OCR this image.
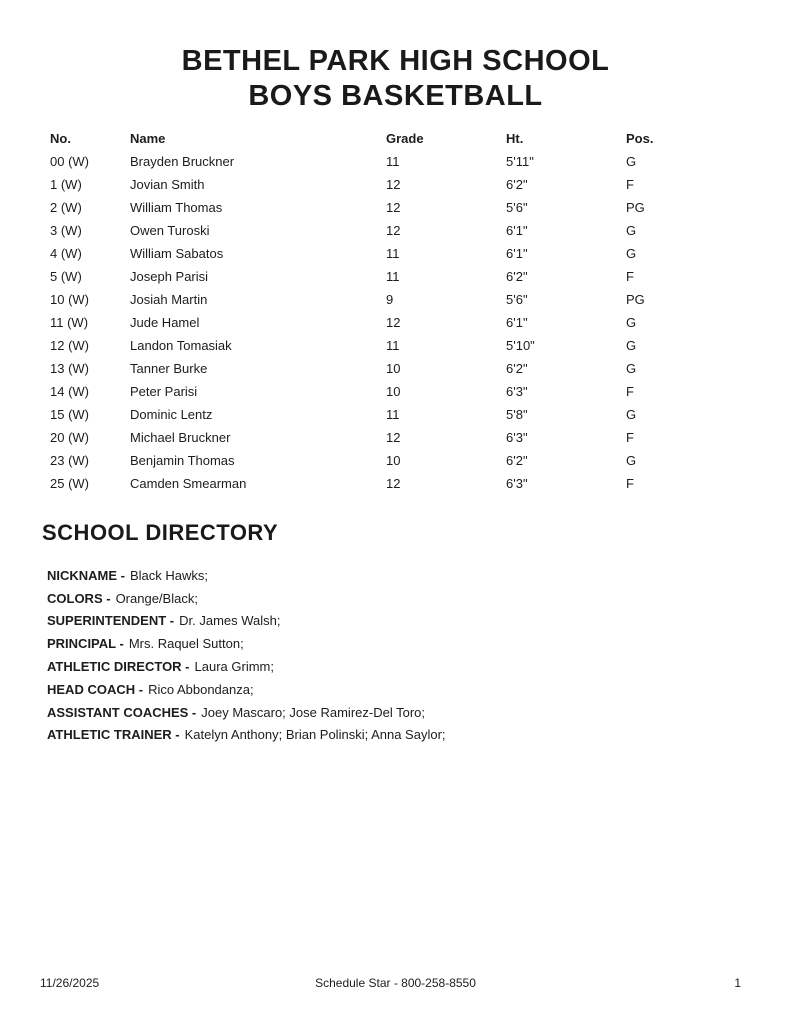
BETHEL PARK HIGH SCHOOL
BOYS BASKETBALL
No.	Name	Grade	Ht.	Pos.
00 (W)	Brayden Bruckner	11	5'11"	G
1 (W)	Jovian Smith	12	6'2"	F
2 (W)	William Thomas	12	5'6"	PG
3 (W)	Owen Turoski	12	6'1"	G
4 (W)	William Sabatos	11	6'1"	G
5 (W)	Joseph Parisi	11	6'2"	F
10 (W)	Josiah Martin	9	5'6"	PG
11 (W)	Jude Hamel	12	6'1"	G
12 (W)	Landon Tomasiak	11	5'10"	G
13 (W)	Tanner Burke	10	6'2"	G
14 (W)	Peter Parisi	10	6'3"	F
15 (W)	Dominic Lentz	11	5'8"	G
20 (W)	Michael Bruckner	12	6'3"	F
23 (W)	Benjamin Thomas	10	6'2"	G
25 (W)	Camden Smearman	12	6'3"	F
SCHOOL DIRECTORY
NICKNAME - Black Hawks;
COLORS - Orange/Black;
SUPERINTENDENT - Dr. James Walsh;
PRINCIPAL - Mrs. Raquel Sutton;
ATHLETIC DIRECTOR - Laura Grimm;
HEAD COACH - Rico Abbondanza;
ASSISTANT COACHES - Joey Mascaro; Jose Ramirez-Del Toro;
ATHLETIC TRAINER - Katelyn Anthony; Brian Polinski; Anna Saylor;
11/26/2025	Schedule Star - 800-258-8550	1
